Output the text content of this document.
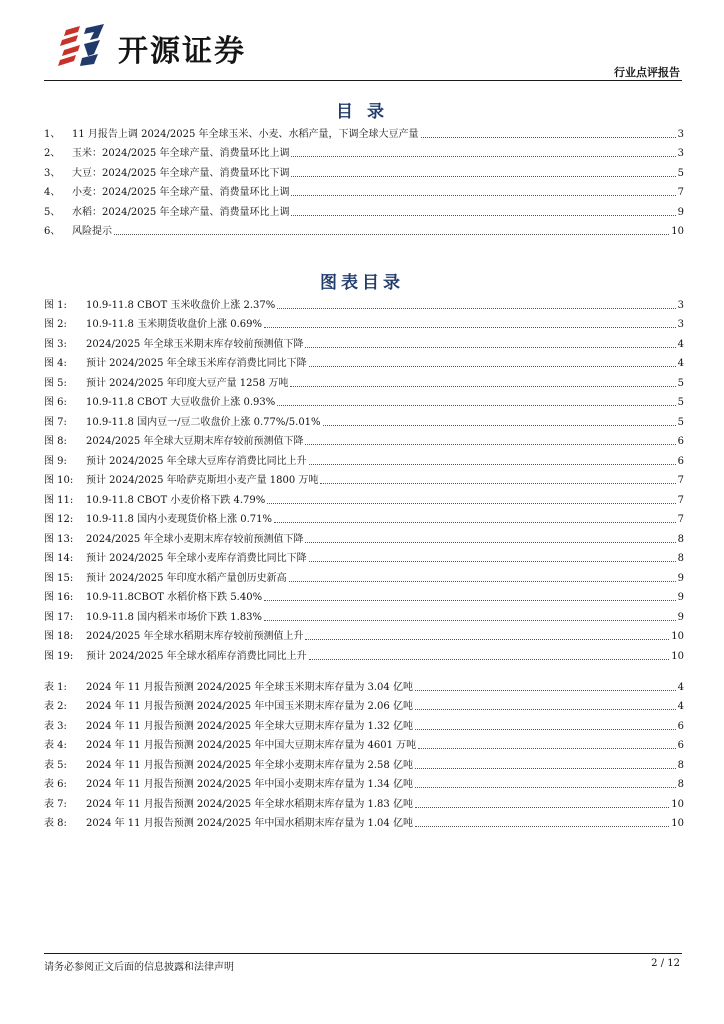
开源证券
行业点评报告
目 录
1、	11 月报告上调 2024/2025 年全球玉米、小麦、水稻产量，下调全球大豆产量	3
2、	玉米：2024/2025 年全球产量、消费量环比上调	3
3、	大豆：2024/2025 年全球产量、消费量环比下调	5
4、	小麦：2024/2025 年全球产量、消费量环比上调	7
5、	水稻：2024/2025 年全球产量、消费量环比上调	9
6、	风险提示	10
图表目录
图 1:	10.9-11.8 CBOT 玉米收盘价上涨 2.37%	3
图 2:	10.9-11.8 玉米期货收盘价上涨 0.69%	3
图 3:	2024/2025 年全球玉米期末库存较前预测值下降	4
图 4:	预计 2024/2025 年全球玉米库存消费比同比下降	4
图 5:	预计 2024/2025 年印度大豆产量 1258 万吨	5
图 6:	10.9-11.8 CBOT 大豆收盘价上涨 0.93%	5
图 7:	10.9-11.8 国内豆一/豆二收盘价上涨 0.77%/5.01%	5
图 8:	2024/2025 年全球大豆期末库存较前预测值下降	6
图 9:	预计 2024/2025 年全球大豆库存消费比同比上升	6
图 10:	预计 2024/2025 年哈萨克斯坦小麦产量 1800 万吨	7
图 11:	10.9-11.8 CBOT 小麦价格下跌 4.79%	7
图 12:	10.9-11.8 国内小麦现货价格上涨 0.71%	7
图 13:	2024/2025 年全球小麦期末库存较前预测值下降	8
图 14:	预计 2024/2025 年全球小麦库存消费比同比下降	8
图 15:	预计 2024/2025 年印度水稻产量创历史新高	9
图 16:	10.9-11.8CBOT 水稻价格下跌 5.40%	9
图 17:	10.9-11.8 国内稻米市场价下跌 1.83%	9
图 18:	2024/2025 年全球水稻期末库存较前预测值上升	10
图 19:	预计 2024/2025 年全球水稻库存消费比同比上升	10
表 1:	2024 年 11 月报告预测 2024/2025 年全球玉米期末库存量为 3.04 亿吨	4
表 2:	2024 年 11 月报告预测 2024/2025 年中国玉米期末库存量为 2.06 亿吨	4
表 3:	2024 年 11 月报告预测 2024/2025 年全球大豆期末库存量为 1.32 亿吨	6
表 4:	2024 年 11 月报告预测 2024/2025 年中国大豆期末库存量为 4601 万吨	6
表 5:	2024 年 11 月报告预测 2024/2025 年全球小麦期末库存量为 2.58 亿吨	8
表 6:	2024 年 11 月报告预测 2024/2025 年中国小麦期末库存量为 1.34 亿吨	8
表 7:	2024 年 11 月报告预测 2024/2025 年全球水稻期末库存量为 1.83 亿吨	10
表 8:	2024 年 11 月报告预测 2024/2025 年中国水稻期末库存量为 1.04 亿吨	10
请务必参阅正文后面的信息披露和法律声明	2 / 12
